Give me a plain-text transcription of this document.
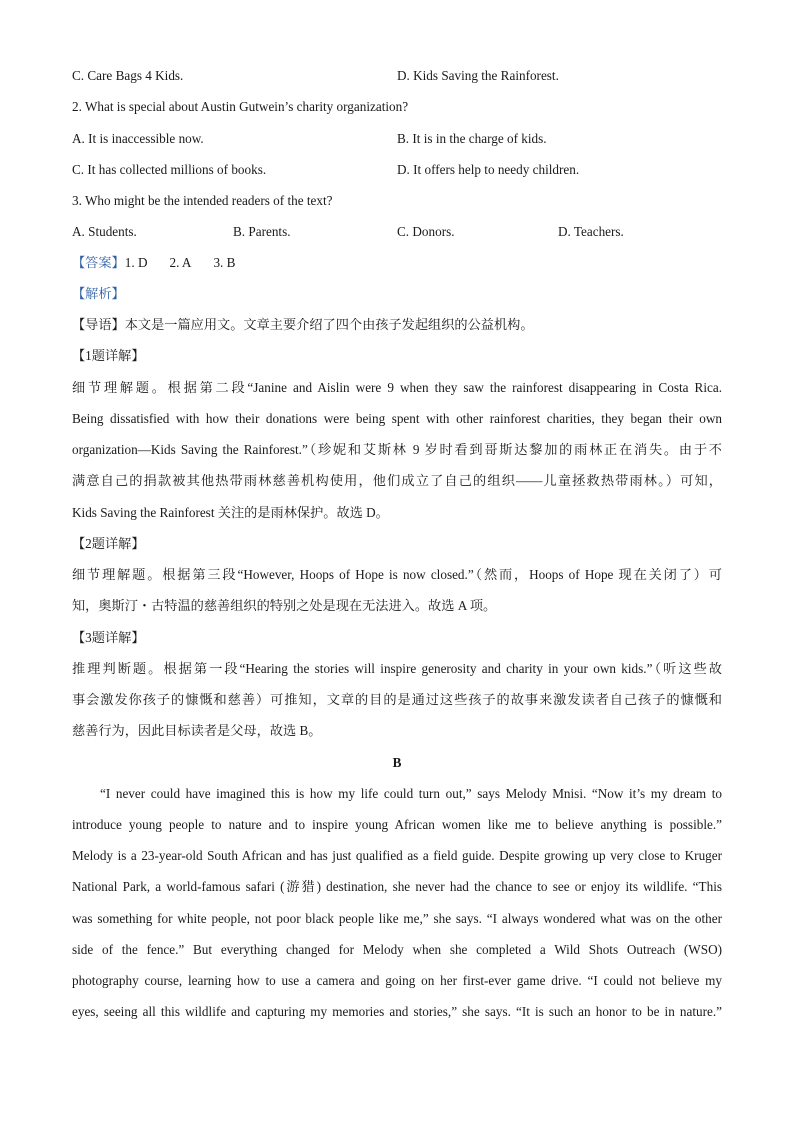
C. Care Bags 4 Kids.	D. Kids Saving the Rainforest.
2. What is special about Austin Gutwein’s charity organization?
A. It is inaccessible now.	B. It is in the charge of kids.
C. It has collected millions of books.	D. It offers help to needy children.
3. Who might be the intended readers of the text?
A. Students.	B. Parents.	C. Donors.	D. Teachers.
【答案】1. D 2. A 3. B
【解析】
【导语】本文是一篇应用文。文章主要介绍了四个由孩子发起组织的公益机构。
【1题详解】
细节理解题。根据第二段“Janine and Aislin were 9 when they saw the rainforest disappearing in Costa Rica.
Being dissatisfied with how their donations were being spent with other rainforest charities, they began their own
organization—Kids Saving the Rainforest.”（珍妮和艾斯林 9 岁时看到哥斯达黎加的雨林正在消失。由于不
满意自己的捐款被其他热带雨林慈善机构使用，他们成立了自己的组织——儿童拯救热带雨林。）可知，
Kids Saving the Rainforest 关注的是雨林保护。故选 D。
【2题详解】
细节理解题。根据第三段“However, Hoops of Hope is now closed.”（然而，Hoops of Hope 现在关闭了）可
知，奥斯汀・古特温的慈善组织的特别之处是现在无法进入。故选 A 项。
【3题详解】
推理判断题。根据第一段“Hearing the stories will inspire generosity and charity in your own kids.”（听这些故
事会激发你孩子的慷慨和慈善）可推知，文章的目的是通过这些孩子的故事来激发读者自己孩子的慷慨和
慈善行为，因此目标读者是父母，故选 B。
B
“I never could have imagined this is how my life could turn out,” says Melody Mnisi. “Now it’s my dream to
introduce young people to nature and to inspire young African women like me to believe anything is possible.”
Melody is a 23-year-old South African and has just qualified as a field guide. Despite growing up very close to Kruger
National Park, a world-famous safari (游猎) destination, she never had the chance to see or enjoy its wildlife. “This
was something for white people, not poor black people like me,” she says. “I always wondered what was on the other
side of the fence.” But everything changed for Melody when she completed a Wild Shots Outreach (WSO)
photography course, learning how to use a camera and going on her first-ever game drive. “I could not believe my
eyes, seeing all this wildlife and capturing my memories and stories,” she says. “It is such an honor to be in nature.”
